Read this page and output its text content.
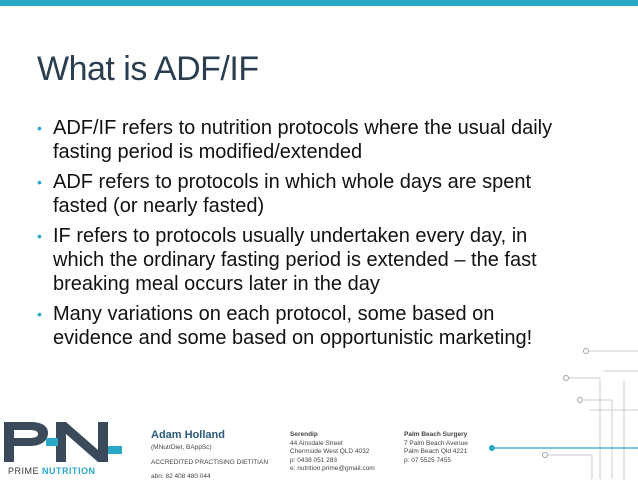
What is ADF/IF
• ADF/IF refers to nutrition protocols where the usual daily
fasting period is modified/extended
• ADF refers to protocols in which whole days are spent
fasted (or nearly fasted)
• IF refers to protocols usually undertaken every day, in
which the ordinary fasting period is extended – the fast
breaking meal occurs later in the day
• Many variations on each protocol, some based on
evidence and some based on opportunistic marketing!
PRIME NUTRITION
Adam Holland
(MNutrDiet, BAppSc)
ACCREDITED PRACTISING DIETITIAN
abn: 82 408 480 044
Serendip
44 Ainsdale Street
Chermside West QLD 4032
p: 0438 051 283
e: nutrition.prime@gmail.com
Palm Beach Surgery
7 Palm Beach Avenue
Palm Beach Qld 4221
p: 07 5525 7455
